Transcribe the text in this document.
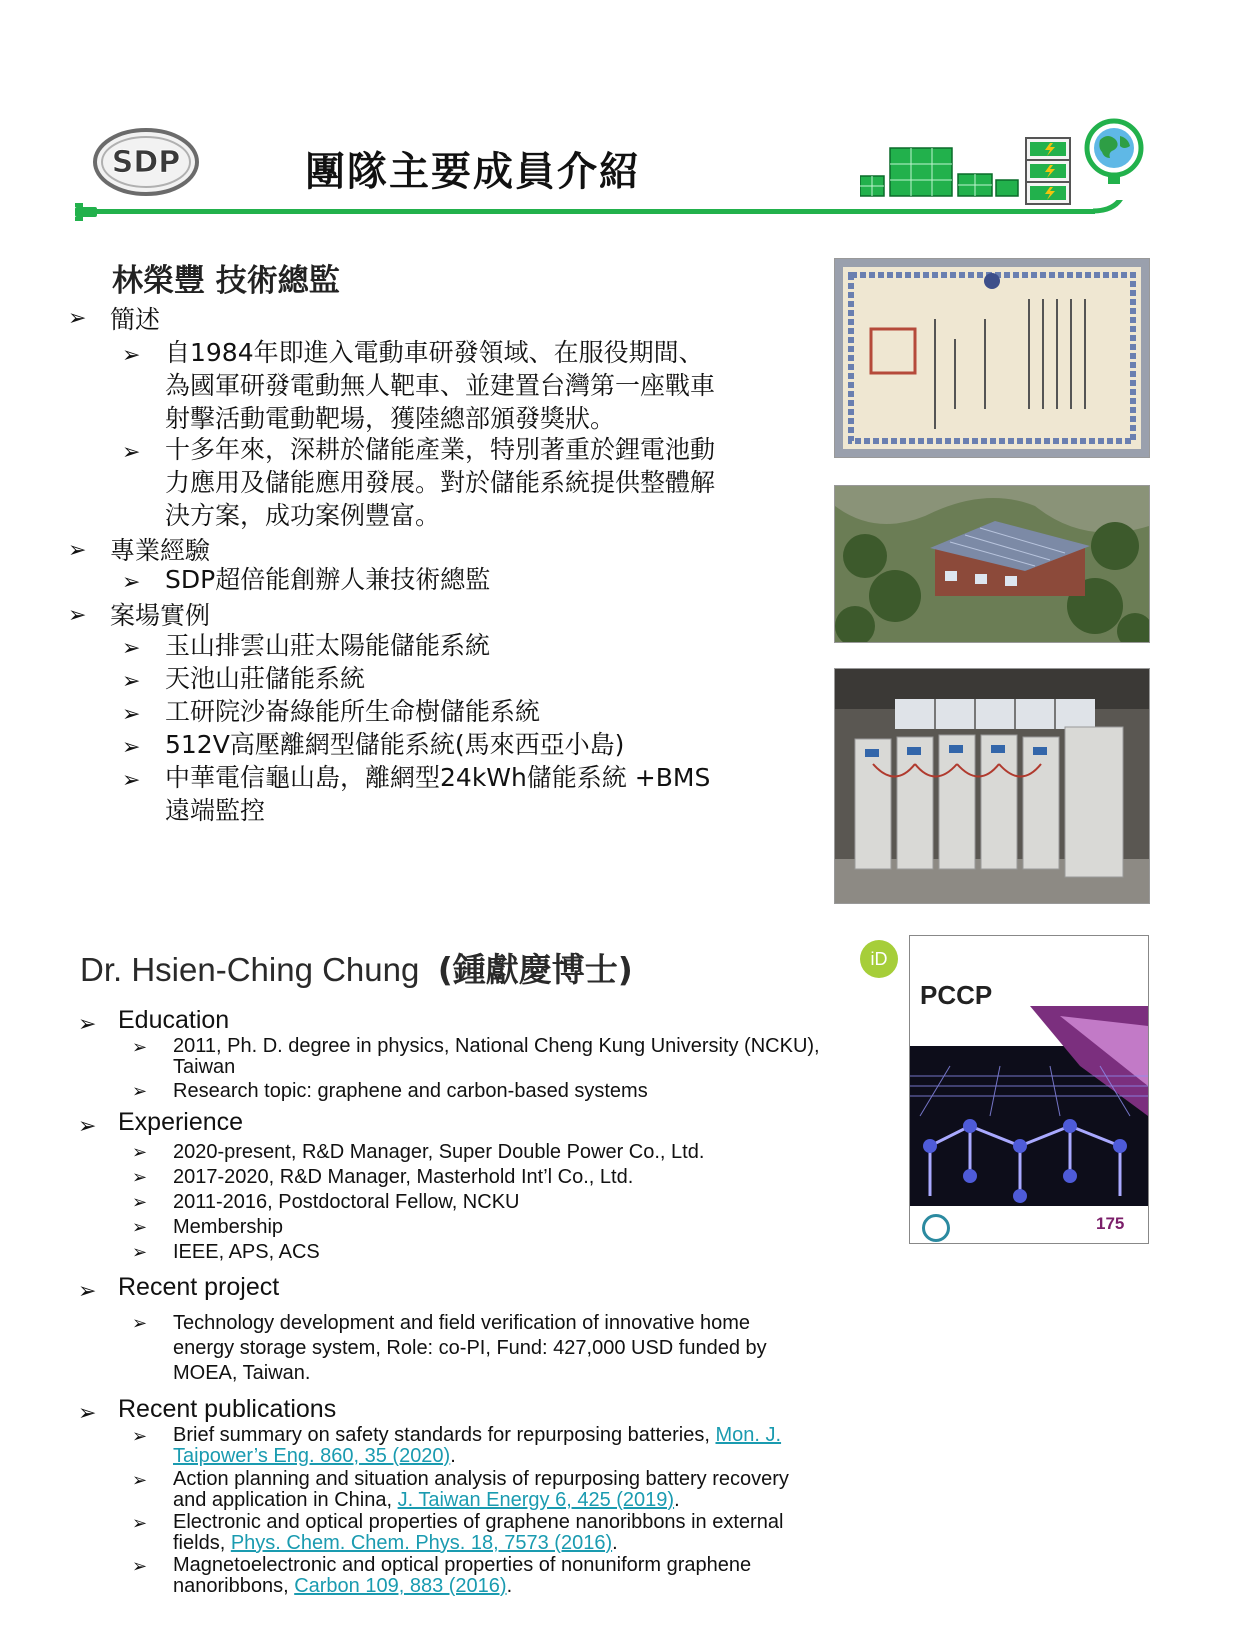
SDP	團隊主要成員介紹
林榮豐 技術總監
➢ 簡述
➢ 自1984年即進入電動車研發領域、在服役期間、
為國軍研發電動無人靶車、並建置台灣第一座戰車
射擊活動電動靶場，獲陸總部頒發獎狀。
➢ 十多年來，深耕於儲能產業，特別著重於鋰電池動
力應用及儲能應用發展。對於儲能系統提供整體解
決方案，成功案例豐富。
➢ 專業經驗
➢ SDP超倍能創辦人兼技術總監
➢ 案場實例
➢ 玉山排雲山莊太陽能儲能系統
➢ 天池山莊儲能系統
➢ 工研院沙崙綠能所生命樹儲能系統
➢ 512V高壓離網型儲能系統(馬來西亞小島)
➢ 中華電信龜山島，離網型24kWh儲能系統 +BMS
遠端監控
Dr. Hsien-Ching Chung (鍾獻慶博士)	iD
PCCP
175
➢ Education
➢ 2011, Ph. D. degree in physics, National Cheng Kung University (NCKU),
Taiwan
➢ Research topic: graphene and carbon-based systems
➢ Experience
➢ 2020-present, R&D Manager, Super Double Power Co., Ltd.
➢ 2017-2020, R&D Manager, Masterhold Int’l Co., Ltd.
➢ 2011-2016, Postdoctoral Fellow, NCKU
➢ Membership
➢ IEEE, APS, ACS
➢ Recent project
➢ Technology development and field verification of innovative home
energy storage system, Role: co-PI, Fund: 427,000 USD funded by
MOEA, Taiwan.
➢ Recent publications
➢ Brief summary on safety standards for repurposing batteries, Mon. J.
Taipower’s Eng. 860, 35 (2020).
➢ Action planning and situation analysis of repurposing battery recovery
and application in China, J. Taiwan Energy 6, 425 (2019).
➢ Electronic and optical properties of graphene nanoribbons in external
fields, Phys. Chem. Chem. Phys. 18, 7573 (2016).
➢ Magnetoelectronic and optical properties of nonuniform graphene
nanoribbons, Carbon 109, 883 (2016).
